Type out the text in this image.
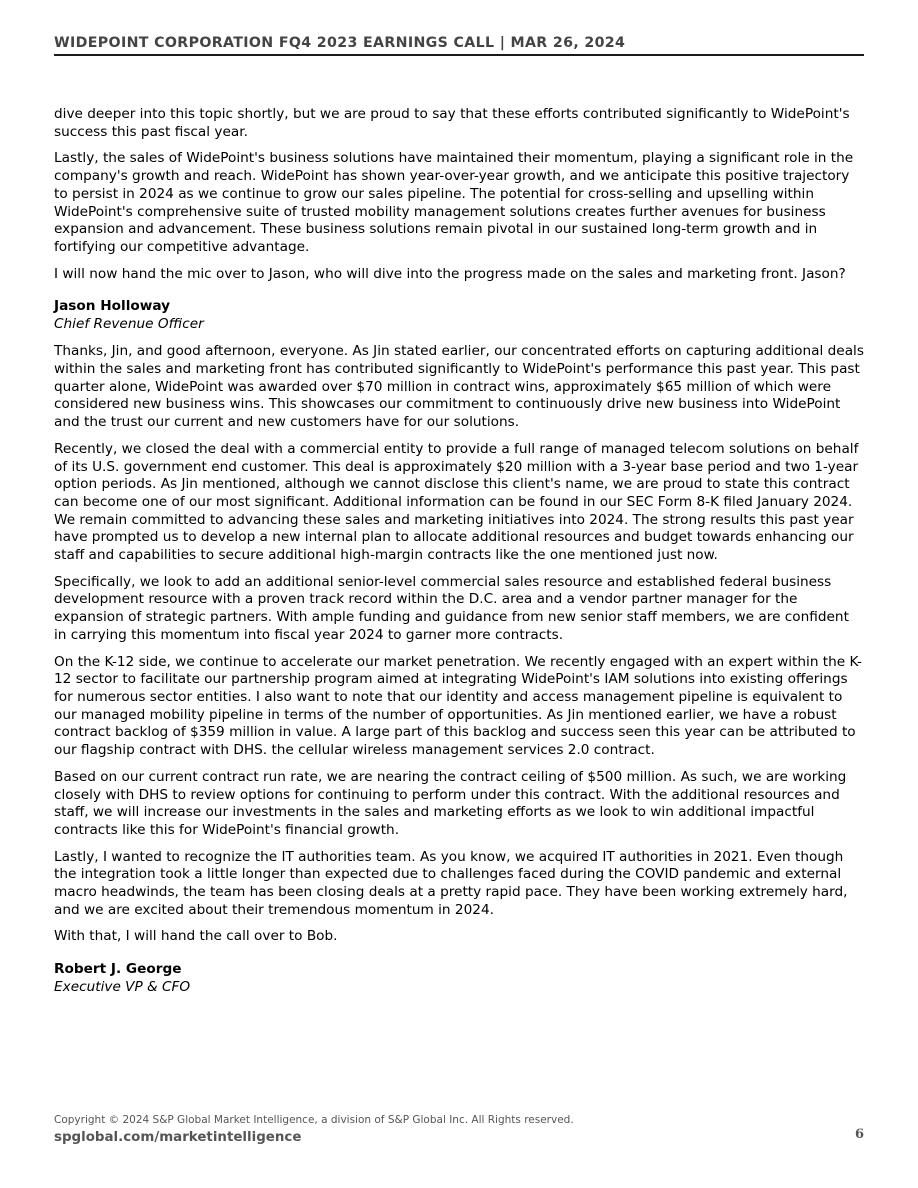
WIDEPOINT CORPORATION FQ4 2023 EARNINGS CALL | MAR 26, 2024

dive deeper into this topic shortly, but we are proud to say that these efforts contributed significantly to WidePoint's success this past fiscal year.

Lastly, the sales of WidePoint's business solutions have maintained their momentum, playing a significant role in the company's growth and reach. WidePoint has shown year-over-year growth, and we anticipate this positive trajectory to persist in 2024 as we continue to grow our sales pipeline. The potential for cross-selling and upselling within WidePoint's comprehensive suite of trusted mobility management solutions creates further avenues for business expansion and advancement. These business solutions remain pivotal in our sustained long-term growth and in fortifying our competitive advantage.

I will now hand the mic over to Jason, who will dive into the progress made on the sales and marketing front. Jason?

Jason Holloway
Chief Revenue Officer

Thanks, Jin, and good afternoon, everyone. As Jin stated earlier, our concentrated efforts on capturing additional deals within the sales and marketing front has contributed significantly to WidePoint's performance this past year. This past quarter alone, WidePoint was awarded over $70 million in contract wins, approximately $65 million of which were considered new business wins. This showcases our commitment to continuously drive new business into WidePoint and the trust our current and new customers have for our solutions.

Recently, we closed the deal with a commercial entity to provide a full range of managed telecom solutions on behalf of its U.S. government end customer. This deal is approximately $20 million with a 3-year base period and two 1-year option periods. As Jin mentioned, although we cannot disclose this client's name, we are proud to state this contract can become one of our most significant. Additional information can be found in our SEC Form 8-K filed January 2024. We remain committed to advancing these sales and marketing initiatives into 2024. The strong results this past year have prompted us to develop a new internal plan to allocate additional resources and budget towards enhancing our staff and capabilities to secure additional high-margin contracts like the one mentioned just now.

Specifically, we look to add an additional senior-level commercial sales resource and established federal business development resource with a proven track record within the D.C. area and a vendor partner manager for the expansion of strategic partners. With ample funding and guidance from new senior staff members, we are confident in carrying this momentum into fiscal year 2024 to garner more contracts.

On the K-12 side, we continue to accelerate our market penetration. We recently engaged with an expert within the K-12 sector to facilitate our partnership program aimed at integrating WidePoint's IAM solutions into existing offerings for numerous sector entities. I also want to note that our identity and access management pipeline is equivalent to our managed mobility pipeline in terms of the number of opportunities. As Jin mentioned earlier, we have a robust contract backlog of $359 million in value. A large part of this backlog and success seen this year can be attributed to our flagship contract with DHS. the cellular wireless management services 2.0 contract.

Based on our current contract run rate, we are nearing the contract ceiling of $500 million. As such, we are working closely with DHS to review options for continuing to perform under this contract. With the additional resources and staff, we will increase our investments in the sales and marketing efforts as we look to win additional impactful contracts like this for WidePoint's financial growth.

Lastly, I wanted to recognize the IT authorities team. As you know, we acquired IT authorities in 2021. Even though the integration took a little longer than expected due to challenges faced during the COVID pandemic and external macro headwinds, the team has been closing deals at a pretty rapid pace. They have been working extremely hard, and we are excited about their tremendous momentum in 2024.

With that, I will hand the call over to Bob.

Robert J. George
Executive VP & CFO
Copyright © 2024 S&P Global Market Intelligence, a division of S&P Global Inc. All Rights reserved.
spglobal.com/marketintelligence	6
